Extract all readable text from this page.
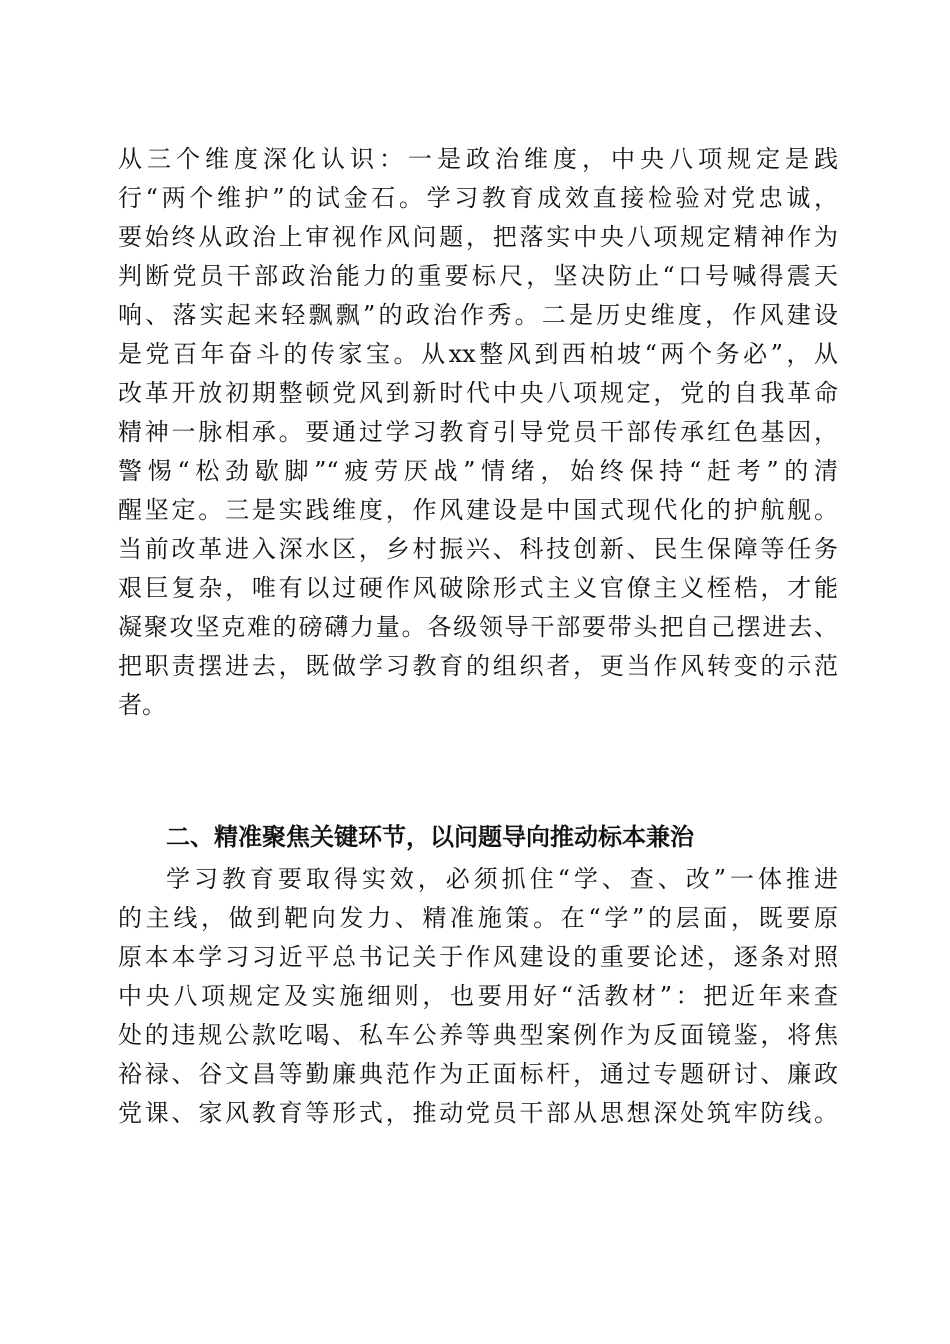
从三个维度深化认识：一是政治维度，中央八项规定是践
行“两个维护”的试金石。学习教育成效直接检验对党忠诚，
要始终从政治上审视作风问题，把落实中央八项规定精神作为
判断党员干部政治能力的重要标尺，坚决防止“口号喊得震天
响、落实起来轻飘飘”的政治作秀。二是历史维度，作风建设
是党百年奋斗的传家宝。从xx整风到西柏坡“两个务必”，从
改革开放初期整顿党风到新时代中央八项规定，党的自我革命
精神一脉相承。要通过学习教育引导党员干部传承红色基因，
警惕“松劲歇脚”“疲劳厌战”情绪，始终保持“赶考”的清
醒坚定。三是实践维度，作风建设是中国式现代化的护航舰。
当前改革进入深水区，乡村振兴、科技创新、民生保障等任务
艰巨复杂，唯有以过硬作风破除形式主义官僚主义桎梏，才能
凝聚攻坚克难的磅礴力量。各级领导干部要带头把自己摆进去、
把职责摆进去，既做学习教育的组织者，更当作风转变的示范
者。
二、精准聚焦关键环节，以问题导向推动标本兼治
学习教育要取得实效，必须抓住“学、查、改”一体推进
的主线，做到靶向发力、精准施策。在“学”的层面，既要原
原本本学习习近平总书记关于作风建设的重要论述，逐条对照
中央八项规定及实施细则，也要用好“活教材”：把近年来查
处的违规公款吃喝、私车公养等典型案例作为反面镜鉴，将焦
裕禄、谷文昌等勤廉典范作为正面标杆，通过专题研讨、廉政
党课、家风教育等形式，推动党员干部从思想深处筑牢防线。
